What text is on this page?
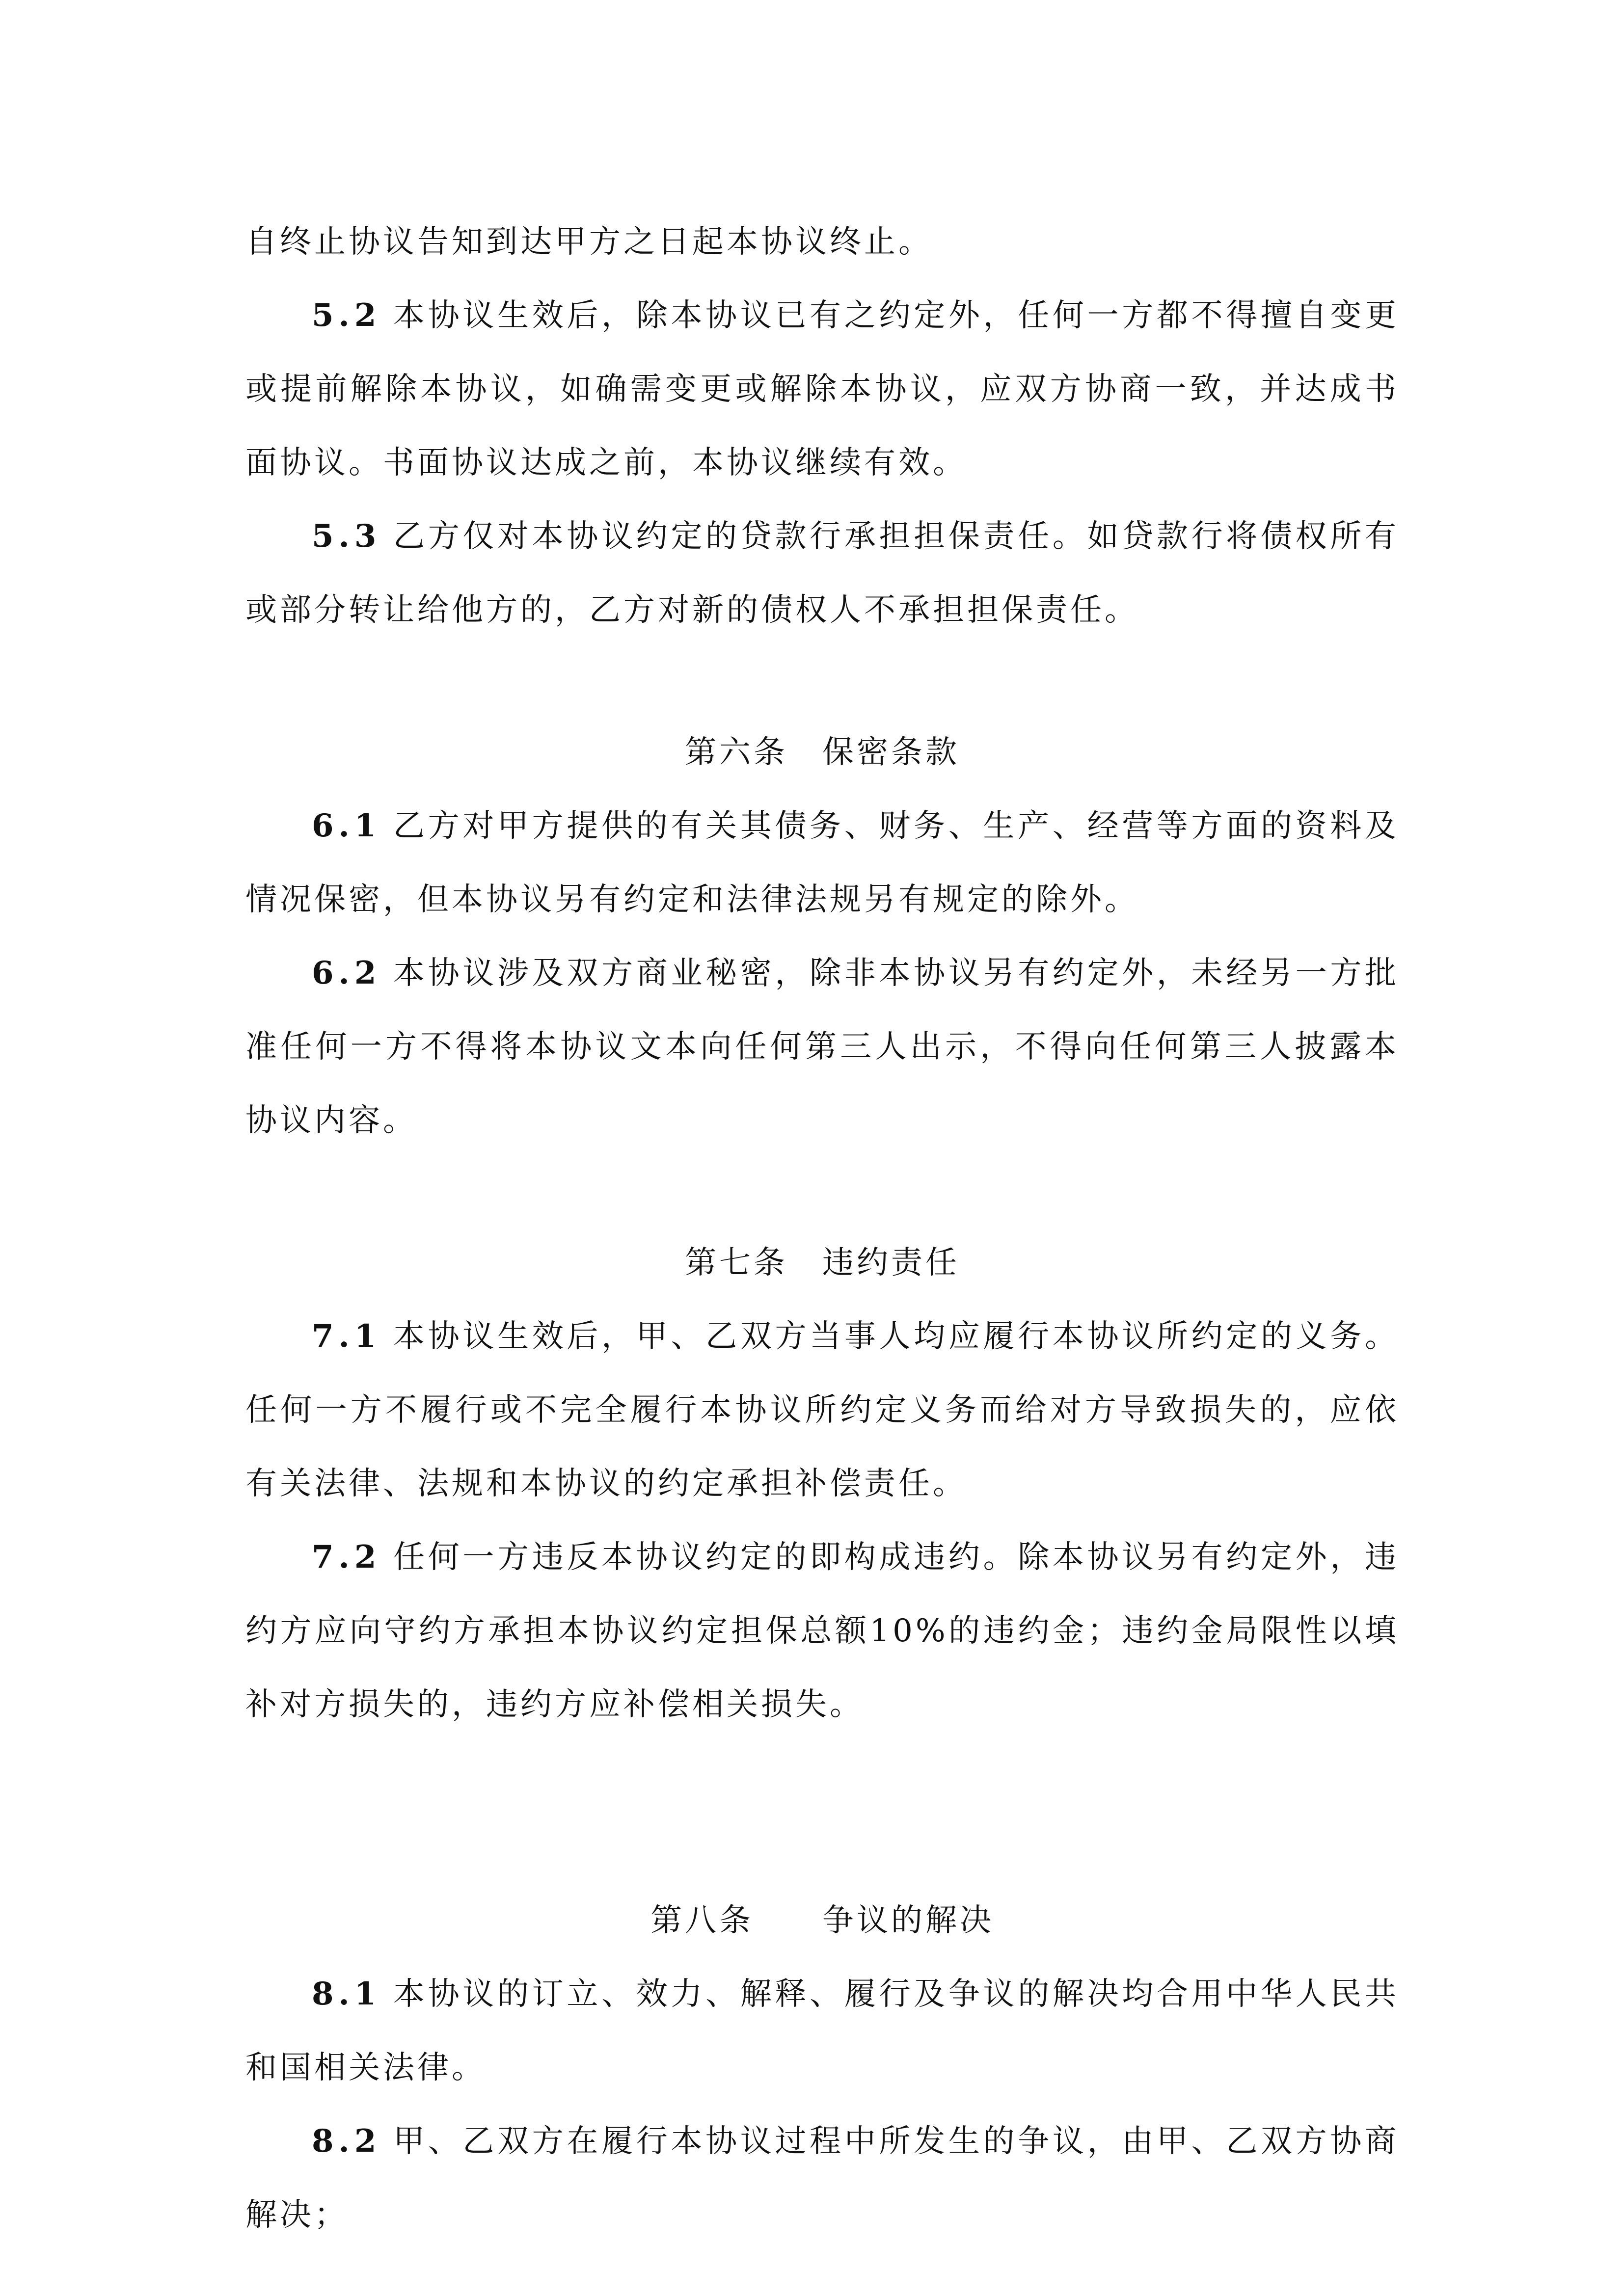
自终止协议告知到达甲方之日起本协议终止。

5.2 本协议生效后，除本协议已有之约定外，任何一方都不得擅自变更或提前解除本协议，如确需变更或解除本协议，应双方协商一致，并达成书面协议。书面协议达成之前，本协议继续有效。

5.3 乙方仅对本协议约定的贷款行承担担保责任。如贷款行将债权所有或部分转让给他方的，乙方对新的债权人不承担担保责任。

第六条　保密条款

6.1 乙方对甲方提供的有关其债务、财务、生产、经营等方面的资料及情况保密，但本协议另有约定和法律法规另有规定的除外。

6.2 本协议涉及双方商业秘密，除非本协议另有约定外，未经另一方批准任何一方不得将本协议文本向任何第三人出示，不得向任何第三人披露本协议内容。

第七条　违约责任

7.1 本协议生效后，甲、乙双方当事人均应履行本协议所约定的义务。任何一方不履行或不完全履行本协议所约定义务而给对方导致损失的，应依有关法律、法规和本协议的约定承担补偿责任。

7.2 任何一方违反本协议约定的即构成违约。除本协议另有约定外，违约方应向守约方承担本协议约定担保总额10%的违约金；违约金局限性以填补对方损失的，违约方应补偿相关损失。

第八条　　争议的解决

8.1 本协议的订立、效力、解释、履行及争议的解决均合用中华人民共和国相关法律。

8.2 甲、乙双方在履行本协议过程中所发生的争议，由甲、乙双方协商解决；
